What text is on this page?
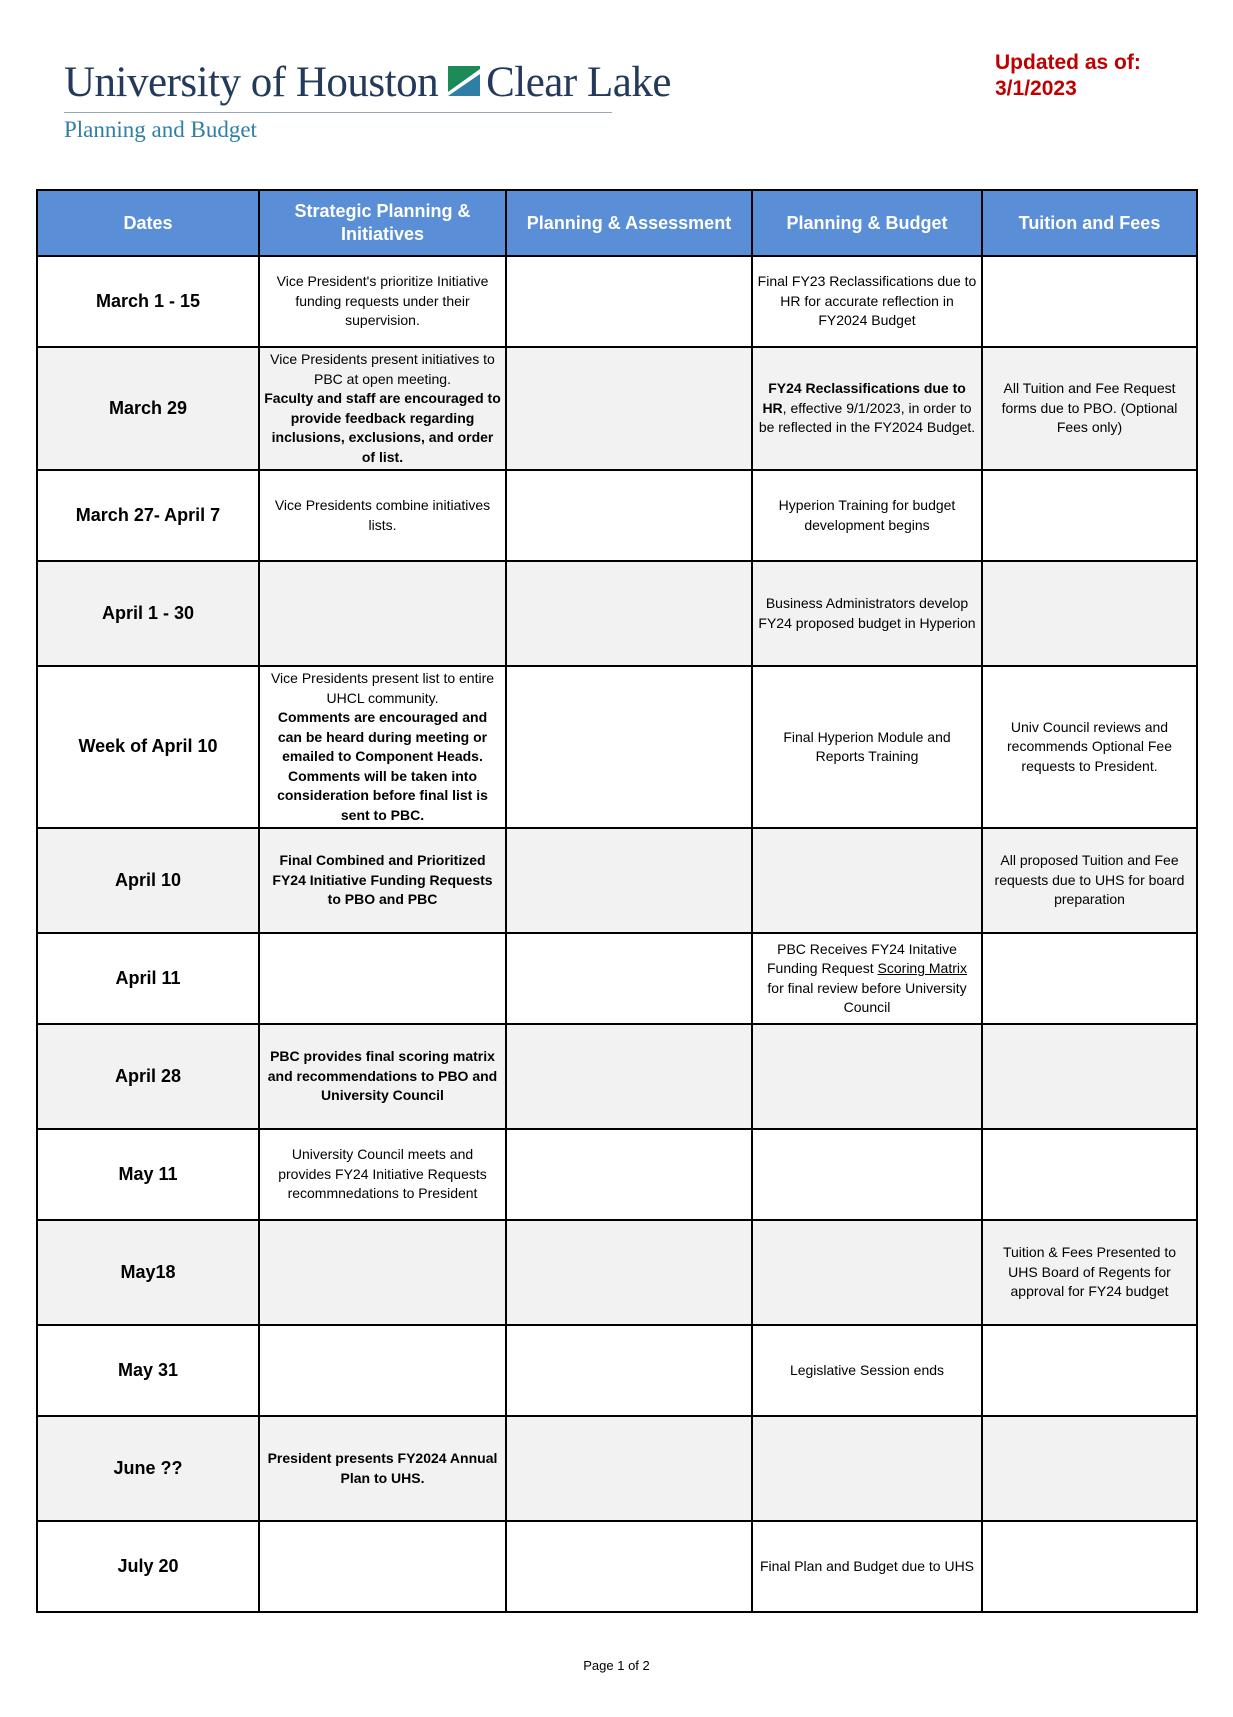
University of Houston Clear Lake
Planning and Budget
Updated as of:
3/1/2023
Dates	Strategic Planning & Initiatives	Planning & Assessment	Planning & Budget	Tuition and Fees
March 1 - 15	Vice President's prioritize Initiative funding requests under their supervision.		Final FY23 Reclassifications due to HR for accurate reflection in FY2024 Budget	
March 29	Vice Presidents present initiatives to PBC at open meeting.
Faculty and staff are encouraged to provide feedback regarding inclusions, exclusions, and order of list.		FY24 Reclassifications due to HR, effective 9/1/2023, in order to be reflected in the FY2024 Budget.	All Tuition and Fee Request forms due to PBO. (Optional Fees only)
March 27- April 7	Vice Presidents combine initiatives lists.		Hyperion Training for budget development begins	
April 1 - 30			Business Administrators develop FY24 proposed budget in Hyperion	
Week of April 10	Vice Presidents present list to entire UHCL community.
Comments are encouraged and can be heard during meeting or emailed to Component Heads. Comments will be taken into consideration before final list is sent to PBC.		Final Hyperion Module and Reports Training	Univ Council reviews and recommends Optional Fee requests to President.
April 10	Final Combined and Prioritized FY24 Initiative Funding Requests to PBO and PBC			All proposed Tuition and Fee requests due to UHS for board preparation
April 11			PBC Receives FY24 Initative Funding Request Scoring Matrix for final review before University Council	
April 28	PBC provides final scoring matrix and recommendations to PBO and University Council			
May 11	University Council meets and provides FY24 Initiative Requests recommnedations to President			
May18				Tuition & Fees Presented to UHS Board of Regents for approval for FY24 budget
May 31			Legislative Session ends	
June ??	President presents FY2024 Annual Plan to UHS.			
July 20			Final Plan and Budget due to UHS	
Page 1 of 2
